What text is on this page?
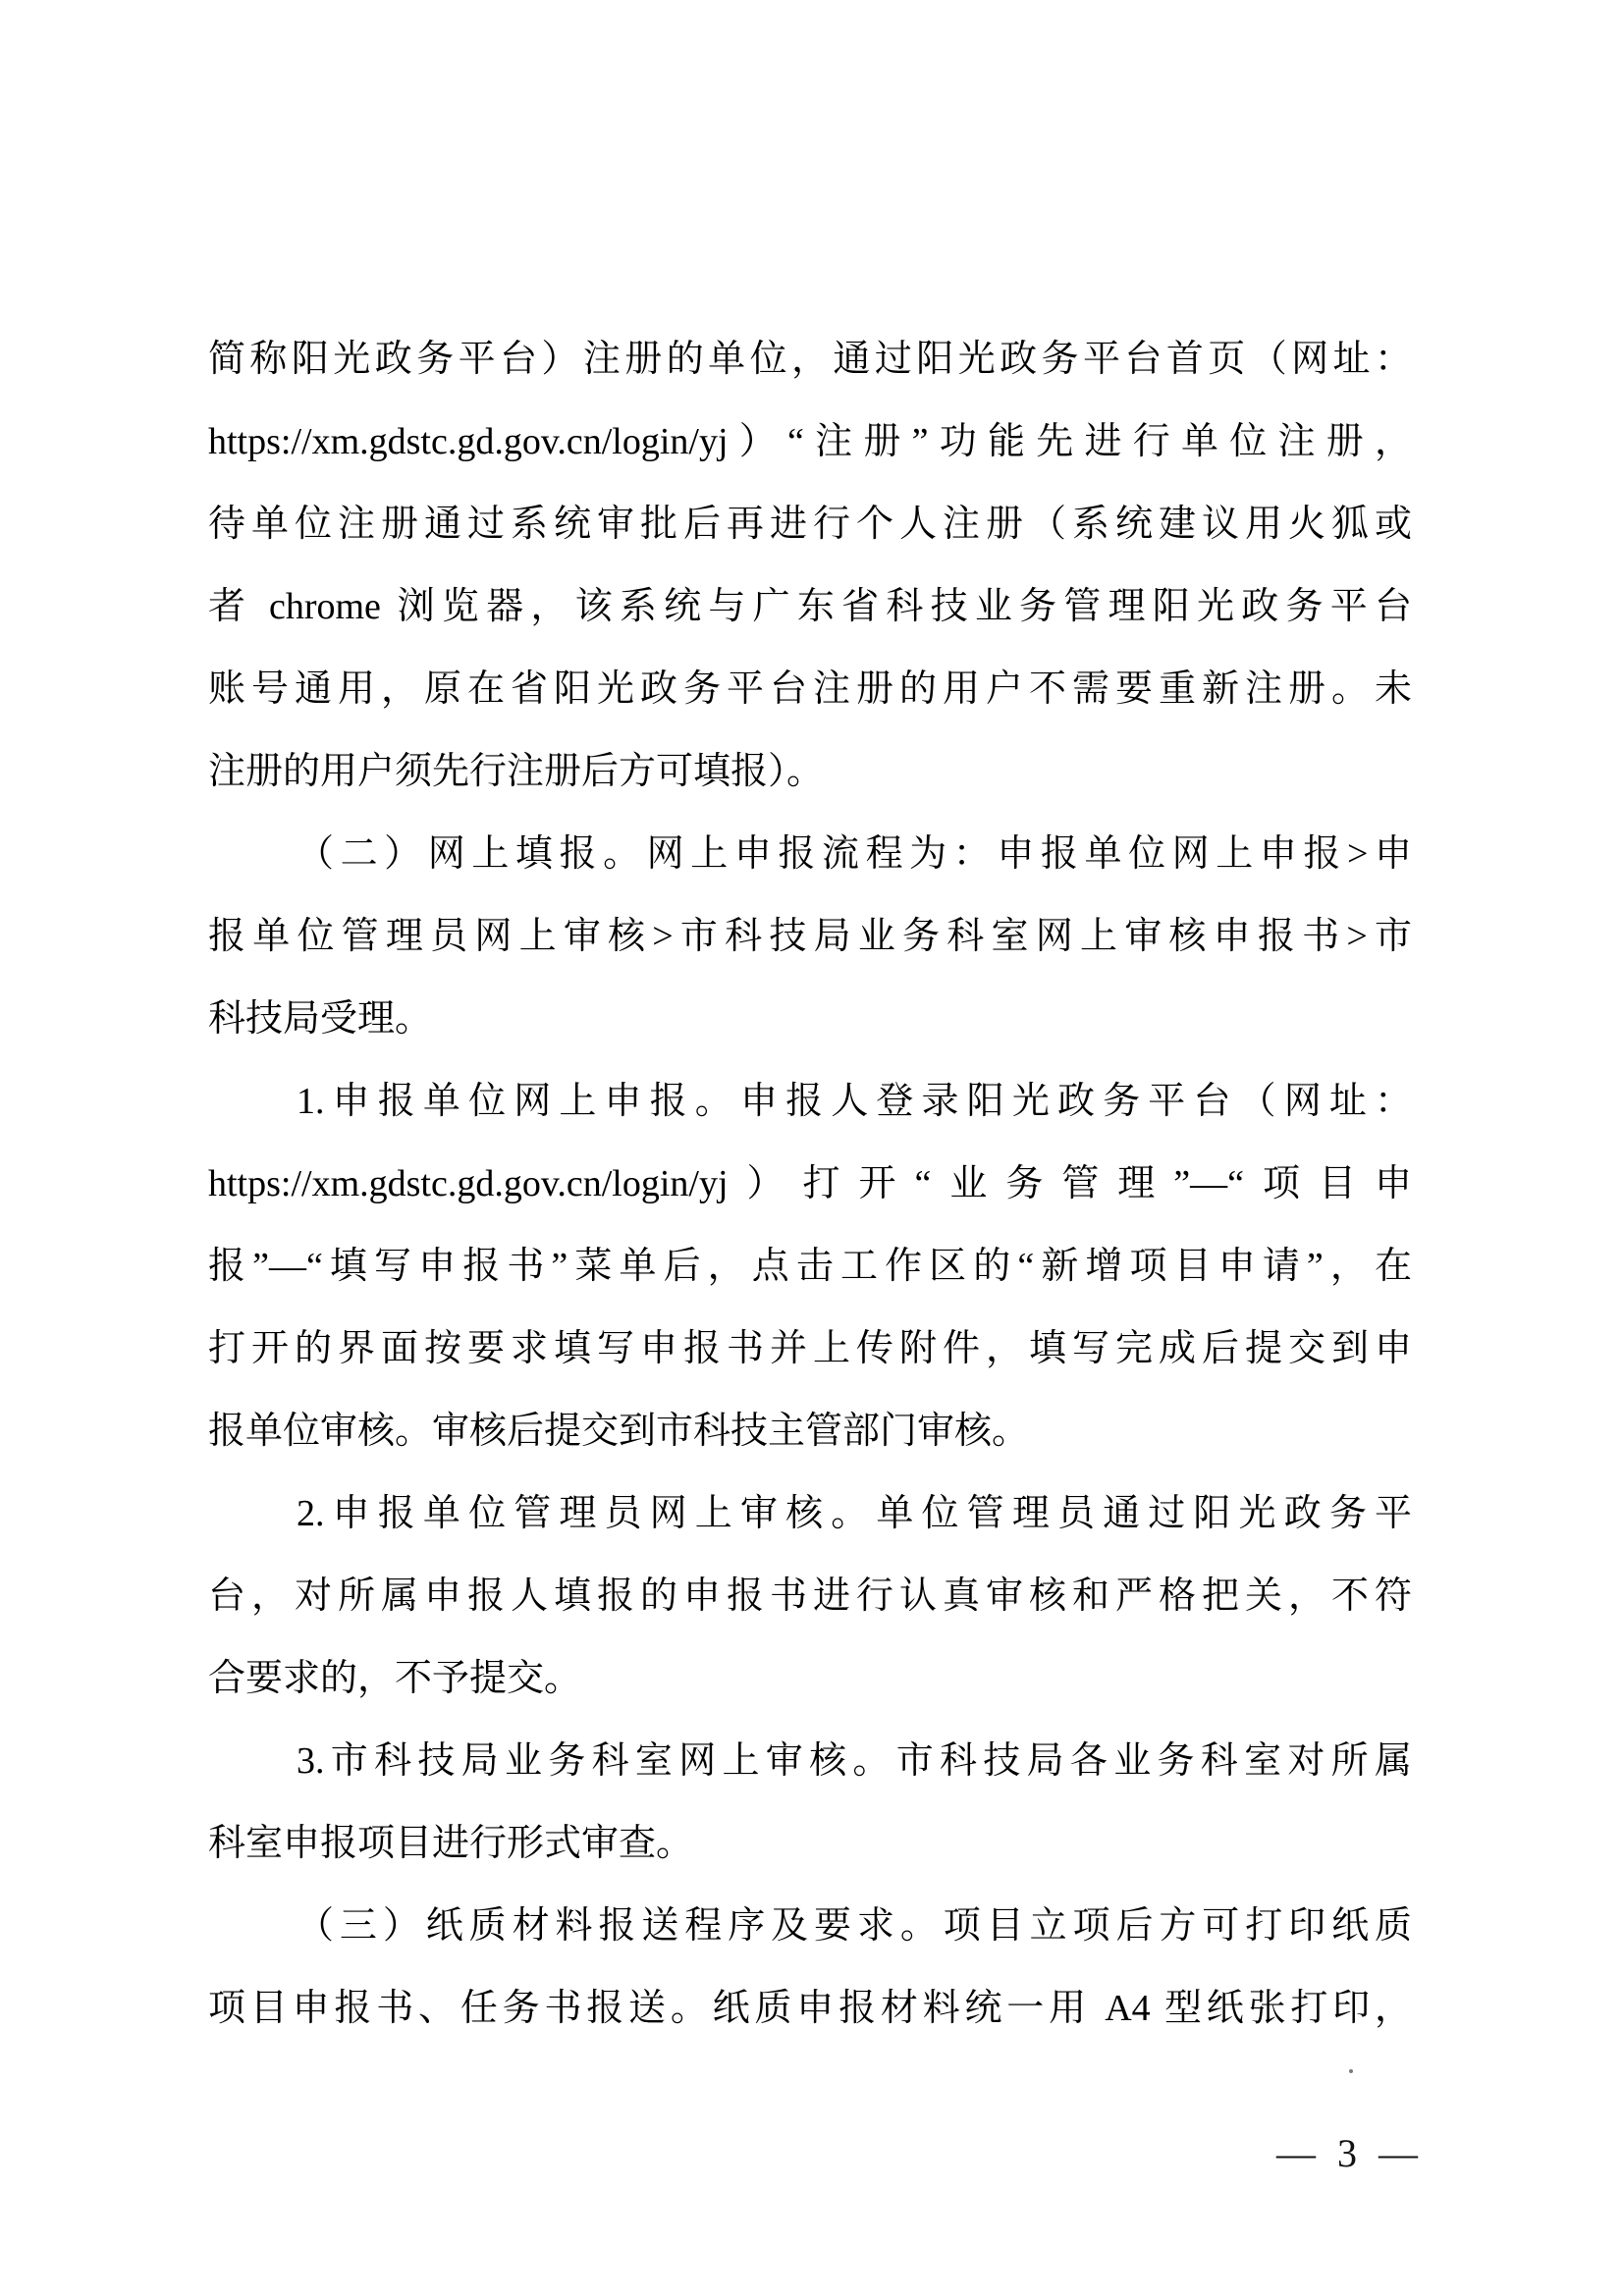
简称阳光政务平台）注册的单位，通过阳光政务平台首页（网址：
https://xm.gdstc.gd.gov.cn/login/yj）“注册”功能先进行单位注册，
待单位注册通过系统审批后再进行个人注册（系统建议用火狐或
者 chrome 浏览器，该系统与广东省科技业务管理阳光政务平台
账号通用，原在省阳光政务平台注册的用户不需要重新注册。未
注册的用户须先行注册后方可填报）。
（二）网上填报。网上申报流程为：申报单位网上申报>申
报单位管理员网上审核>市科技局业务科室网上审核申报书>市
科技局受理。
1.申报单位网上申报。申报人登录阳光政务平台（网址：
https://xm.gdstc.gd.gov.cn/login/yj）打开“业务管理”—“项目申
报”—“填写申报书”菜单后，点击工作区的“新增项目申请”，在
打开的界面按要求填写申报书并上传附件，填写完成后提交到申
报单位审核。审核后提交到市科技主管部门审核。
2.申报单位管理员网上审核。单位管理员通过阳光政务平
台，对所属申报人填报的申报书进行认真审核和严格把关，不符
合要求的，不予提交。
3.市科技局业务科室网上审核。市科技局各业务科室对所属
科室申报项目进行形式审查。
（三）纸质材料报送程序及要求。项目立项后方可打印纸质
项目申报书、任务书报送。纸质申报材料统一用 A4 型纸张打印，
— 3 —
